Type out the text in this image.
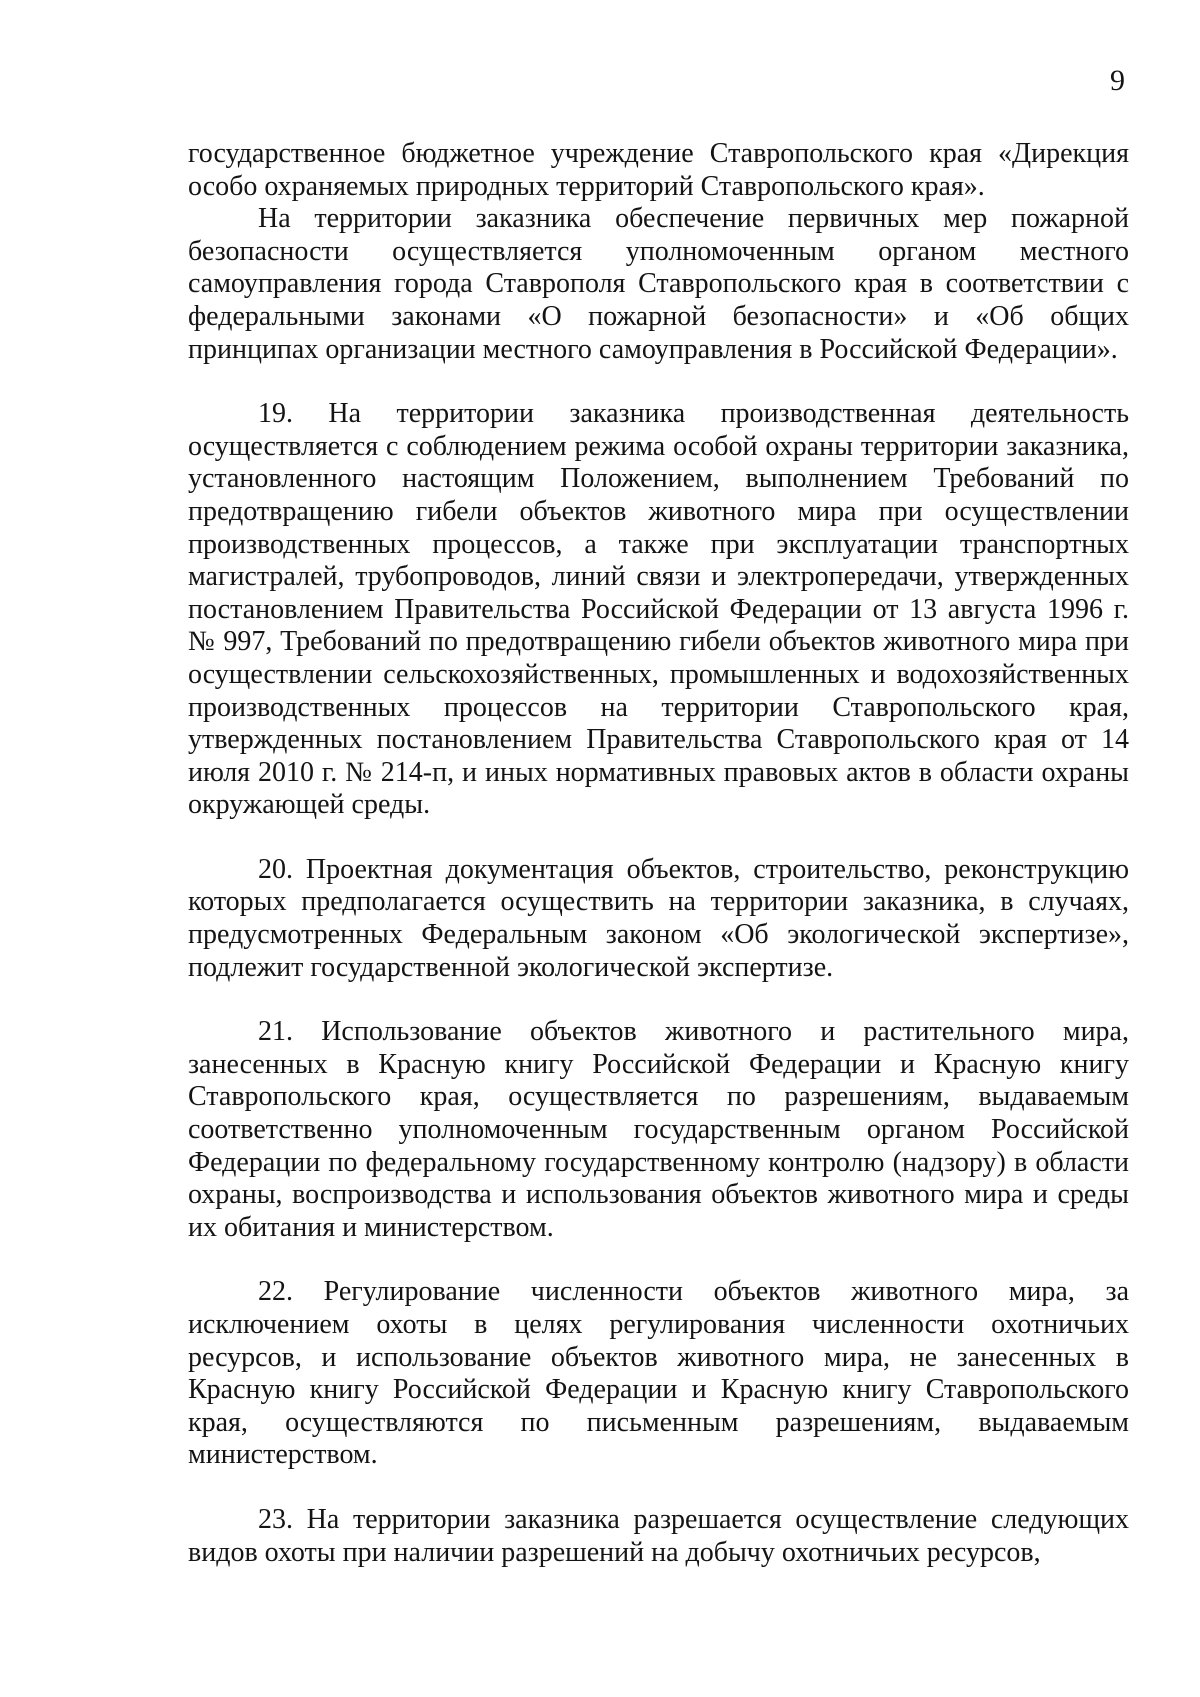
9

государственное бюджетное учреждение Ставропольского края «Дирекция особо охраняемых природных территорий Ставропольского края».

На территории заказника обеспечение первичных мер пожарной безопасности осуществляется уполномоченным органом местного самоуправления города Ставрополя Ставропольского края в соответствии с федеральными законами «О пожарной безопасности» и «Об общих принципах организации местного самоуправления в Российской Федерации».

19. На территории заказника производственная деятельность осуществляется с соблюдением режима особой охраны территории заказника, установленного настоящим Положением, выполнением Требований по предотвращению гибели объектов животного мира при осуществлении производственных процессов, а также при эксплуатации транспортных магистралей, трубопроводов, линий связи и электропередачи, утвержденных постановлением Правительства Российской Федерации от 13 августа 1996 г. № 997, Требований по предотвращению гибели объектов животного мира при осуществлении сельскохозяйственных, промышленных и водохозяйственных производственных процессов на территории Ставропольского края, утвержденных постановлением Правительства Ставропольского края от 14 июля 2010 г. № 214-п, и иных нормативных правовых актов в области охраны окружающей среды.

20. Проектная документация объектов, строительство, реконструкцию которых предполагается осуществить на территории заказника, в случаях, предусмотренных Федеральным законом «Об экологической экспертизе», подлежит государственной экологической экспертизе.

21. Использование объектов животного и растительного мира, занесенных в Красную книгу Российской Федерации и Красную книгу Ставропольского края, осуществляется по разрешениям, выдаваемым соответственно уполномоченным государственным органом Российской Федерации по федеральному государственному контролю (надзору) в области охраны, воспроизводства и использования объектов животного мира и среды их обитания и министерством.

22. Регулирование численности объектов животного мира, за исключением охоты в целях регулирования численности охотничьих ресурсов, и использование объектов животного мира, не занесенных в Красную книгу Российской Федерации и Красную книгу Ставропольского края, осуществляются по письменным разрешениям, выдаваемым министерством.

23. На территории заказника разрешается осуществление следующих видов охоты при наличии разрешений на добычу охотничьих ресурсов,
